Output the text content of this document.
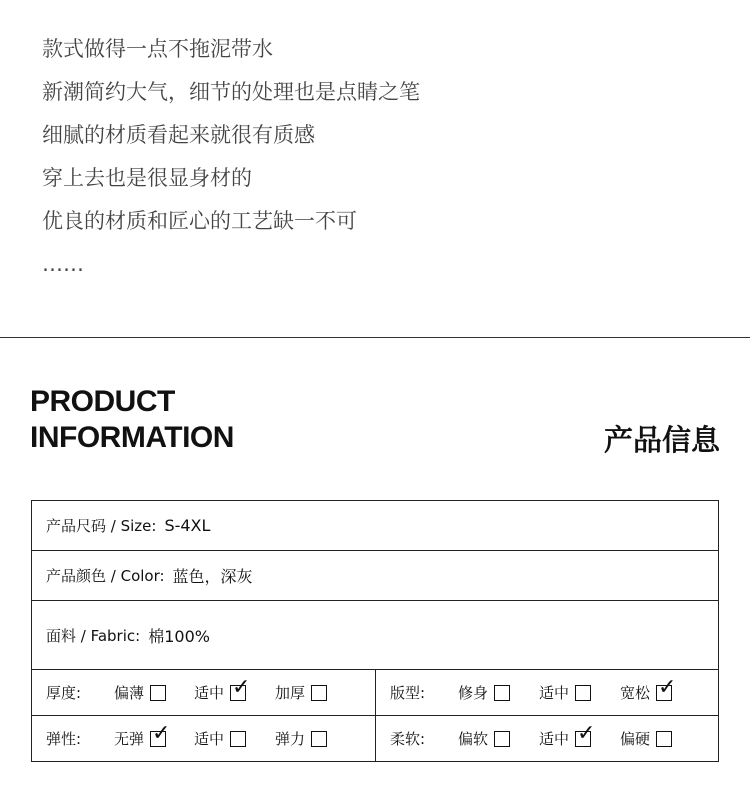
款式做得一点不拖泥带水
新潮简约大气，细节的处理也是点睛之笔
细腻的材质看起来就很有质感
穿上去也是很显身材的
优良的材质和匠心的工艺缺一不可
……
PRODUCT
INFORMATION	产品信息
产品尺码 / Size: S-4XL
产品颜色 / Color: 蓝色，深灰
面料 / Fabric: 棉100%
厚度: 偏薄	适中 ✓ 加厚	版型: 修身	适中	宽松 ✓
弹性: 无弹 ✓ 适中	弹力	柔软: 偏软	适中 ✓ 偏硬
